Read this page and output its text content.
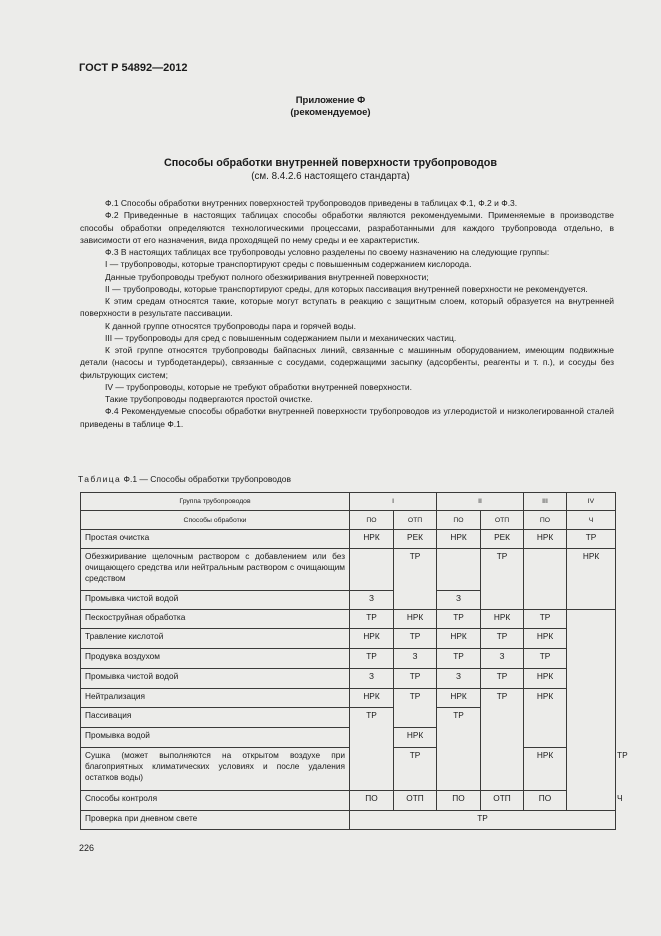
ГОСТ Р 54892—2012
Приложение Ф
(рекомендуемое)
Способы обработки внутренней поверхности трубопроводов
(см. 8.4.2.6 настоящего стандарта)

Ф.1 Способы обработки внутренних поверхностей трубопроводов приведены в таблицах Ф.1, Ф.2 и Ф.3.

Ф.2 Приведенные в настоящих таблицах способы обработки являются рекомендуемыми. Применяемые в производстве способы обработки определяются технологическими процессами, разработанными для каждого трубопровода отдельно, в зависимости от его назначения, вида проходящей по нему среды и ее характеристик.

Ф.3 В настоящих таблицах все трубопроводы условно разделены по своему назначению на следующие группы:

I — трубопроводы, которые транспортируют среды с повышенным содержанием кислорода.

Данные трубопроводы требуют полного обезжиривания внутренней поверхности;

II — трубопроводы, которые транспортируют среды, для которых пассивация внутренней поверхности не рекомендуется.

К этим средам относятся такие, которые могут вступать в реакцию с защитным слоем, который образуется на внутренней поверхности в результате пассивации.

К данной группе относятся трубопроводы пара и горячей воды.

III — трубопроводы для сред с повышенным содержанием пыли и механических частиц.

К этой группе относятся трубопроводы байпасных линий, связанные с машинным оборудованием, имеющим подвижные детали (насосы и турбодетандеры), связанные с сосудами, содержащими засыпку (адсорбенты, реагенты и т. п.), и сосуды без фильтрующих систем;

IV — трубопроводы, которые не требуют обработки внутренней поверхности.

Такие трубопроводы подвергаются простой очистке.

Ф.4 Рекомендуемые способы обработки внутренней поверхности трубопроводов из углеродистой и низколегированной сталей приведены в таблице Ф.1.

Таблица Ф.1 — Способы обработки трубопроводов
Группа трубопроводов	I		II		III	IV	
Способы обработки	ПО	ОТП	ПО	ОТП	ПО	Ч	
Простая очистка	НРК	РЕК	НРК	РЕК	НРК	ТР	
Обезжиривание щелочным раствором с добавлением или без очищающего средства или нейтральным раствором с очищающим средством		ТР		ТР		НРК	
Промывка чистой водой	З		З				
Пескоструйная обработка	ТР	НРК	ТР	НРК	ТР		
Травление кислотой	НРК	ТР	НРК	ТР	НРК		
Продувка воздухом	ТР	З	ТР	З	ТР		
Промывка чистой водой	З	ТР	З	ТР	НРК		
Нейтрализация	НРК	ТР	НРК	ТР	НРК		
Пассивация	ТР		ТР				
Промывка водой		НРК					
Сушка (может выполняются на открытом воздухе при благоприятных климатических условиях и после удаления остатков воды)		ТР			НРК		ТР
Способы контроля	ПО	ОТП	ПО	ОТП	ПО		Ч
Проверка при дневном свете	ТР						
226
